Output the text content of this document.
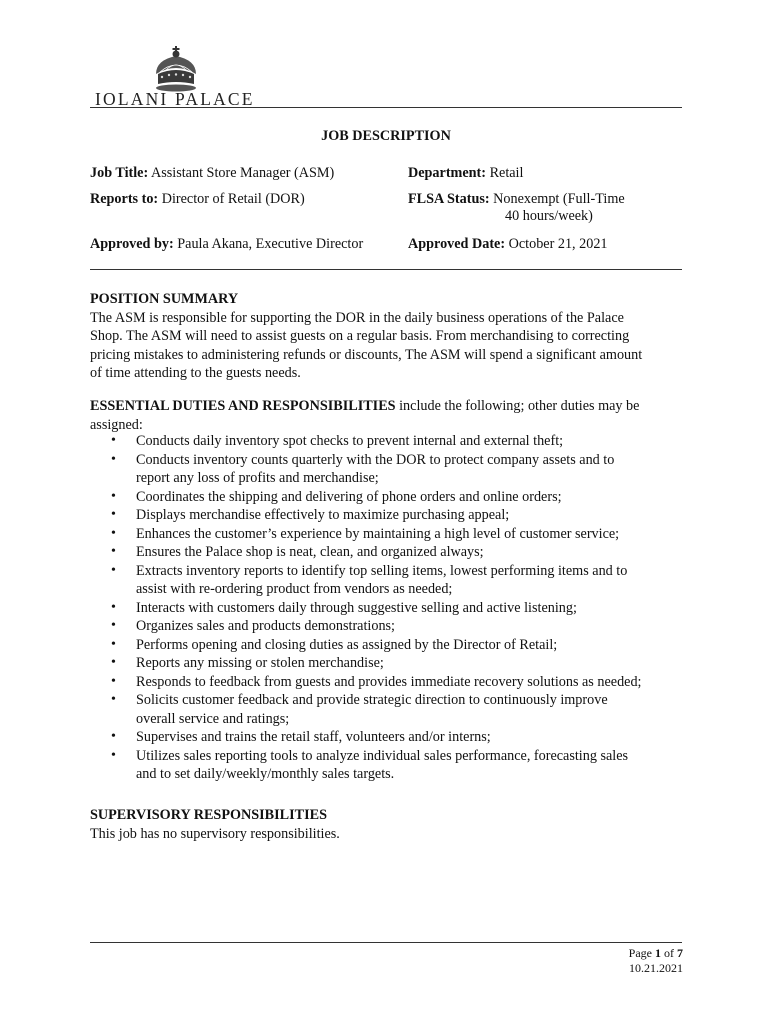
IOLANI PALACE
JOB DESCRIPTION
Job Title: Assistant Store Manager (ASM)	Department: Retail
Reports to: Director of Retail (DOR)	FLSA Status: Nonexempt (Full-Time
40 hours/week)
Approved by: Paula Akana, Executive Director	Approved Date: October 21, 2021
POSITION SUMMARY
The ASM is responsible for supporting the DOR in the daily business operations of the Palace
Shop. The ASM will need to assist guests on a regular basis. From merchandising to correcting
pricing mistakes to administering refunds or discounts, The ASM will spend a significant amount
of time attending to the guests needs.
ESSENTIAL DUTIES AND RESPONSIBILITIES include the following; other duties may be
assigned:
• Conducts daily inventory spot checks to prevent internal and external theft;
• Conducts inventory counts quarterly with the DOR to protect company assets and to
report any loss of profits and merchandise;
• Coordinates the shipping and delivering of phone orders and online orders;
• Displays merchandise effectively to maximize purchasing appeal;
• Enhances the customer’s experience by maintaining a high level of customer service;
• Ensures the Palace shop is neat, clean, and organized always;
• Extracts inventory reports to identify top selling items, lowest performing items and to
assist with re-ordering product from vendors as needed;
• Interacts with customers daily through suggestive selling and active listening;
• Organizes sales and products demonstrations;
• Performs opening and closing duties as assigned by the Director of Retail;
• Reports any missing or stolen merchandise;
• Responds to feedback from guests and provides immediate recovery solutions as needed;
• Solicits customer feedback and provide strategic direction to continuously improve
overall service and ratings;
• Supervises and trains the retail staff, volunteers and/or interns;
• Utilizes sales reporting tools to analyze individual sales performance, forecasting sales
and to set daily/weekly/monthly sales targets.
SUPERVISORY RESPONSIBILITIES
This job has no supervisory responsibilities.
Page 1 of 7
10.21.2021
